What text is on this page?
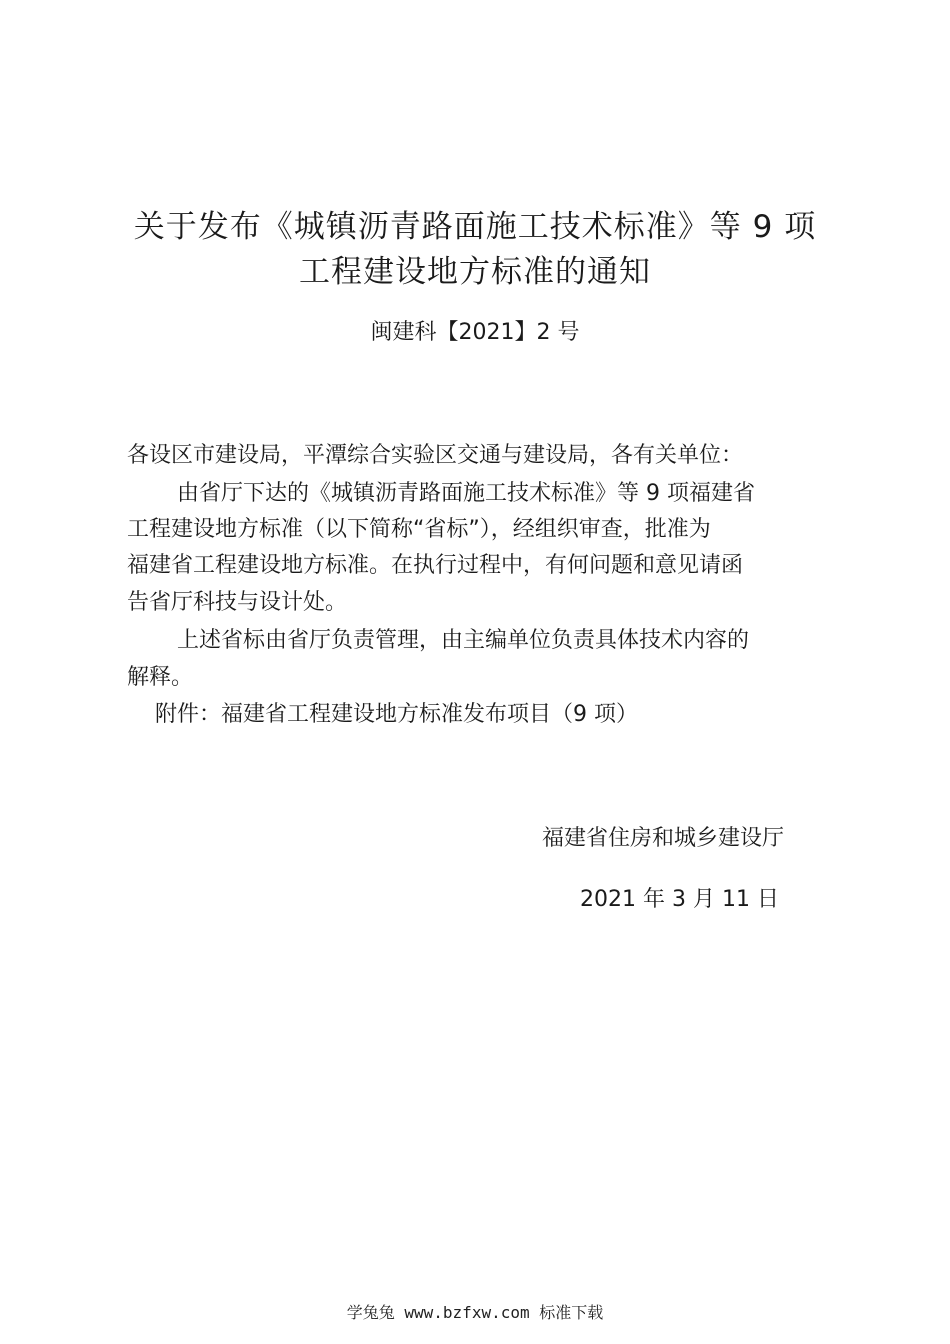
关于发布《城镇沥青路面施工技术标准》等 9 项
工程建设地方标准的通知
闽建科【2021】2 号
各设区市建设局，平潭综合实验区交通与建设局，各有关单位：
由省厅下达的《城镇沥青路面施工技术标准》等 9 项福建省
工程建设地方标准（以下简称“省标”），经组织审查，批准为
福建省工程建设地方标准。在执行过程中，有何问题和意见请函
告省厅科技与设计处。
上述省标由省厅负责管理，由主编单位负责具体技术内容的
解释。
附件：福建省工程建设地方标准发布项目（9 项）
福建省住房和城乡建设厅
2021 年 3 月 11 日
学兔兔 www.bzfxw.com 标准下载
